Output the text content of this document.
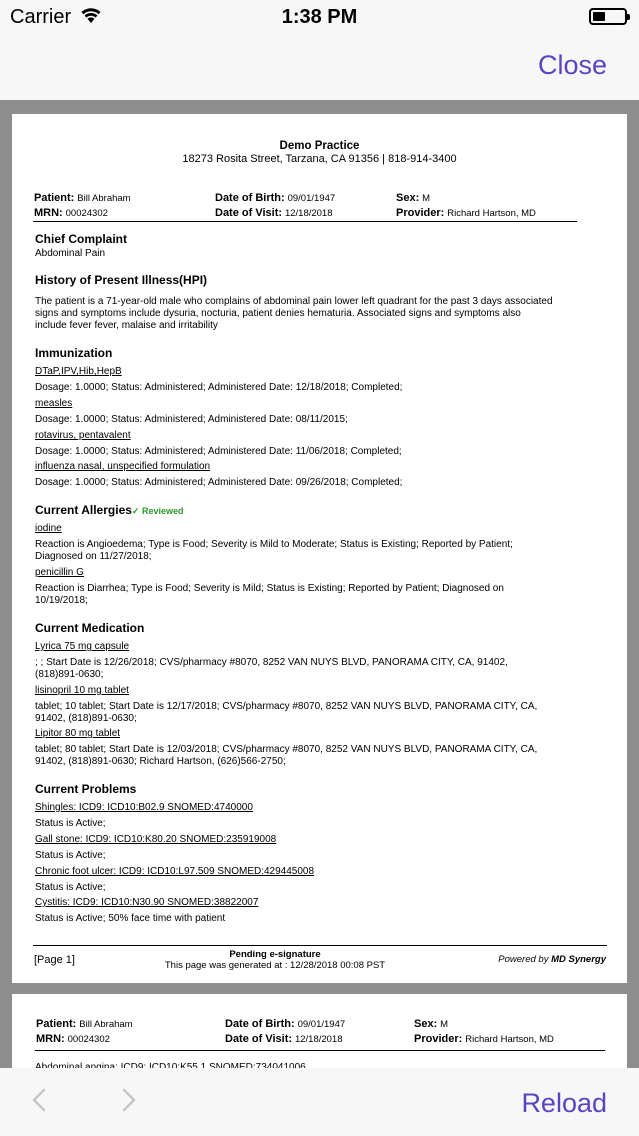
Carrier	1:38 PM
Close
Demo Practice
18273 Rosita Street, Tarzana, CA 91356 | 818-914-3400
Patient: Bill Abraham
MRN: 00024302
Date of Birth: 09/01/1947
Date of Visit: 12/18/2018
Sex: M
Provider: Richard Hartson, MD
Chief Complaint
Abdominal Pain
History of Present Illness(HPI)
The patient is a 71-year-old male who complains of abdominal pain lower left quadrant for the past 3 days associated
signs and symptoms include dysuria, nocturia, patient denies hematuria. Associated signs and symptoms also
include fever fever, malaise and irritability
Immunization
DTaP,IPV,Hib,HepB
Dosage: 1.0000; Status: Administered; Administered Date: 12/18/2018; Completed;
measles
Dosage: 1.0000; Status: Administered; Administered Date: 08/11/2015;
rotavirus, pentavalent
Dosage: 1.0000; Status: Administered; Administered Date: 11/06/2018; Completed;
influenza nasal, unspecified formulation
Dosage: 1.0000; Status: Administered; Administered Date: 09/26/2018; Completed;
Current Allergies✓ Reviewed
iodine
Reaction is Angioedema; Type is Food; Severity is Mild to Moderate; Status is Existing; Reported by Patient;
Diagnosed on 11/27/2018;
penicillin G
Reaction is Diarrhea; Type is Food; Severity is Mild; Status is Existing; Reported by Patient; Diagnosed on
10/19/2018;
Current Medication
Lyrica 75 mg capsule
; ; Start Date is 12/26/2018; CVS/pharmacy #8070, 8252 VAN NUYS BLVD, PANORAMA CITY, CA, 91402,
(818)891-0630;
lisinopril 10 mg tablet
tablet; 10 tablet; Start Date is 12/17/2018; CVS/pharmacy #8070, 8252 VAN NUYS BLVD, PANORAMA CITY, CA,
91402, (818)891-0630;
Lipitor 80 mg tablet
tablet; 80 tablet; Start Date is 12/03/2018; CVS/pharmacy #8070, 8252 VAN NUYS BLVD, PANORAMA CITY, CA,
91402, (818)891-0630; Richard Hartson, (626)566-2750;
Current Problems
Shingles: ICD9: ICD10:B02.9 SNOMED:4740000
Status is Active;
Gall stone: ICD9: ICD10:K80.20 SNOMED:235919008
Status is Active;
Chronic foot ulcer: ICD9: ICD10:L97.509 SNOMED:429445008
Status is Active;
Cystitis: ICD9: ICD10:N30.90 SNOMED:38822007
Status is Active; 50% face time with patient
[Page 1]	Pending e-signature
This page was generated at : 12/28/2018 00:08 PST
Powered by MD Synergy
Patient: Bill Abraham
MRN: 00024302
Date of Birth: 09/01/1947
Date of Visit: 12/18/2018
Sex: M
Provider: Richard Hartson, MD
Reload
